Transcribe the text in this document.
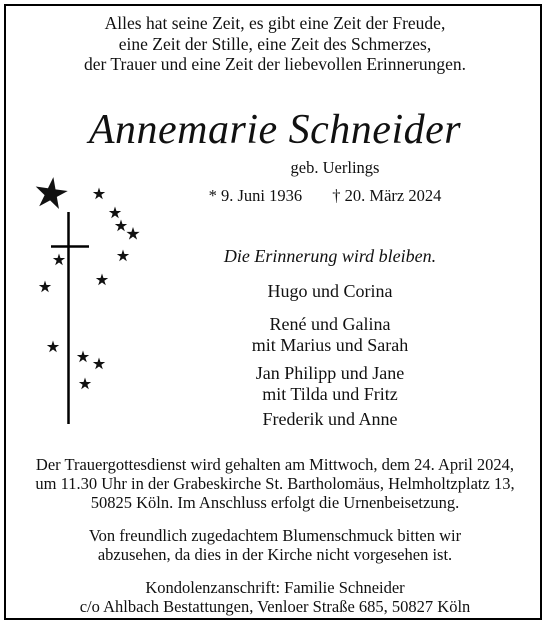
Alles hat seine Zeit, es gibt eine Zeit der Freude,
eine Zeit der Stille, eine Zeit des Schmerzes,
der Trauer und eine Zeit der liebevollen Erinnerungen.
Annemarie Schneider
geb. Uerlings
* 9. Juni 1936 † 20. März 2024
Die Erinnerung wird bleiben.
Hugo und Corina
René und Galina
mit Marius und Sarah
Jan Philipp und Jane
mit Tilda und Fritz
Frederik und Anne
Der Trauergottesdienst wird gehalten am Mittwoch, dem 24. April 2024,
um 11.30 Uhr in der Grabeskirche St. Bartholomäus, Helmholtzplatz 13,
50825 Köln. Im Anschluss erfolgt die Urnenbeisetzung.
Von freundlich zugedachtem Blumenschmuck bitten wir
abzusehen, da dies in der Kirche nicht vorgesehen ist.
Kondolenzanschrift: Familie Schneider
c/o Ahlbach Bestattungen, Venloer Straße 685, 50827 Köln
